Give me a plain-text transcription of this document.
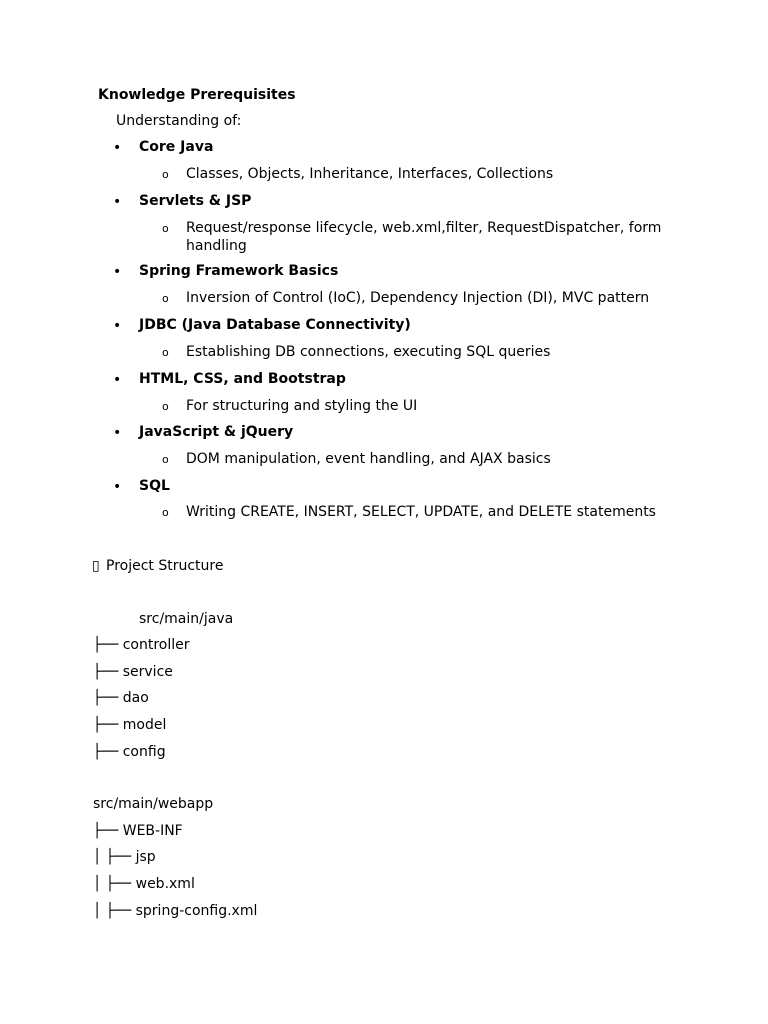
Knowledge Prerequisites
Understanding of:
• Core Java
o Classes, Objects, Inheritance, Interfaces, Collections
• Servlets & JSP
o Request/response lifecycle, web.xml,filter, RequestDispatcher, form
handling
• Spring Framework Basics
o Inversion of Control (IoC), Dependency Injection (DI), MVC pattern
• JDBC (Java Database Connectivity)
o Establishing DB connections, executing SQL queries
• HTML, CSS, and Bootstrap
o For structuring and styling the UI
• JavaScript & jQuery
o DOM manipulation, event handling, and AJAX basics
• SQL
o Writing CREATE, INSERT, SELECT, UPDATE, and DELETE statements
▯ Project Structure
src/main/java
├── controller
├── service
├── dao
├── model
├── config
src/main/webapp
├── WEB-INF
│ ├── jsp
│ ├── web.xml
│ ├── spring-config.xml
